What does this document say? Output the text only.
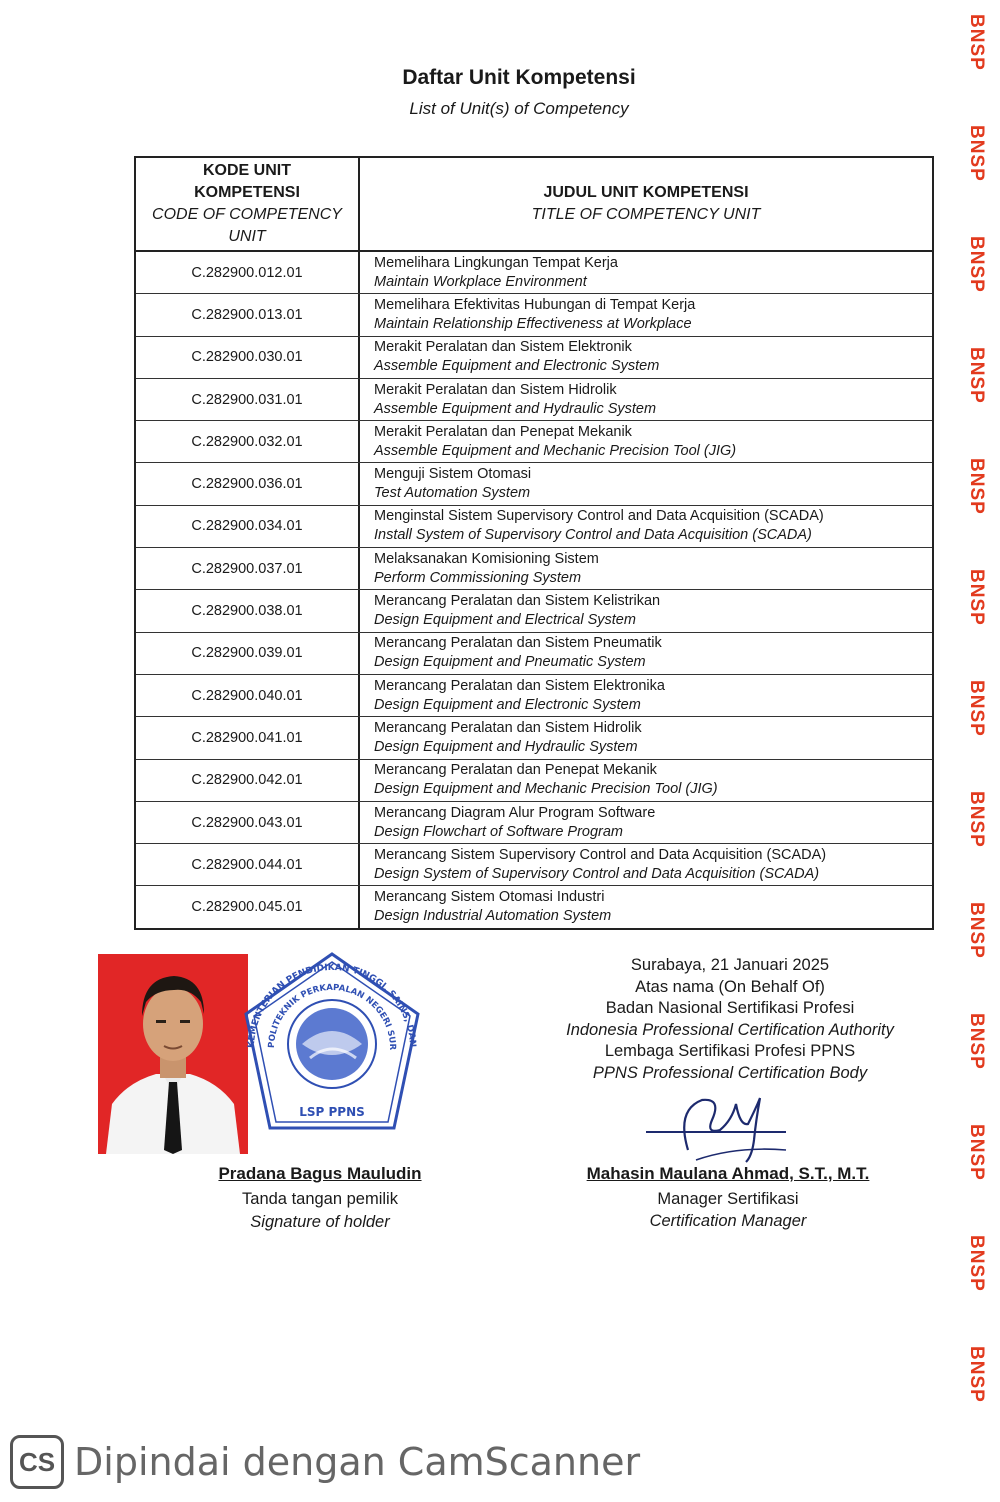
Daftar Unit Kompetensi
List of Unit(s) of Competency
BNSP
BNSP
BNSP
BNSP
BNSP
BNSP
BNSP
BNSP
BNSP
BNSP
BNSP
BNSP
BNSP
KODE UNIT
KOMPETENSI
CODE OF COMPETENCY
UNIT
JUDUL UNIT KOMPETENSI
TITLE OF COMPETENCY UNIT
C.282900.012.01
Memelihara Lingkungan Tempat Kerja
Maintain Workplace Environment
C.282900.013.01
Memelihara Efektivitas Hubungan di Tempat Kerja
Maintain Relationship Effectiveness at Workplace
C.282900.030.01
Merakit Peralatan dan Sistem Elektronik
Assemble Equipment and Electronic System
C.282900.031.01
Merakit Peralatan dan Sistem Hidrolik
Assemble Equipment and Hydraulic System
C.282900.032.01
Merakit Peralatan dan Penepat Mekanik
Assemble Equipment and Mechanic Precision Tool (JIG)
C.282900.036.01
Menguji Sistem Otomasi
Test Automation System
C.282900.034.01
Menginstal Sistem Supervisory Control and Data Acquisition (SCADA)
Install System of Supervisory Control and Data Acquisition (SCADA)
C.282900.037.01
Melaksanakan Komisioning Sistem
Perform Commissioning System
C.282900.038.01
Merancang Peralatan dan Sistem Kelistrikan
Design Equipment and Electrical System
C.282900.039.01
Merancang Peralatan dan Sistem Pneumatik
Design Equipment and Pneumatic System
C.282900.040.01
Merancang Peralatan dan Sistem Elektronika
Design Equipment and Electronic System
C.282900.041.01
Merancang Peralatan dan Sistem Hidrolik
Design Equipment and Hydraulic System
C.282900.042.01
Merancang Peralatan dan Penepat Mekanik
Design Equipment and Mechanic Precision Tool (JIG)
C.282900.043.01
Merancang Diagram Alur Program Software
Design Flowchart of Software Program
C.282900.044.01
Merancang Sistem Supervisory Control and Data Acquisition (SCADA)
Design System of Supervisory Control and Data Acquisition (SCADA)
C.282900.045.01
Merancang Sistem Otomasi Industri
Design Industrial Automation System
KEMENTERIAN PENDIDIKAN TINGGI, SAINS, DAN
POLITEKNIK PERKAPALAN NEGERI SUR
LSP PPNS
Pradana Bagus Mauludin
Tanda tangan pemilik
Signature of holder
Surabaya, 21 Januari 2025
Atas nama (On Behalf Of)
Badan Nasional Sertifikasi Profesi
Indonesia Professional Certification Authority
Lembaga Sertifikasi Profesi PPNS
PPNS Professional Certification Body
Mahasin Maulana Ahmad, S.T., M.T.
Manager Sertifikasi
Certification Manager
CS Dipindai dengan CamScanner
